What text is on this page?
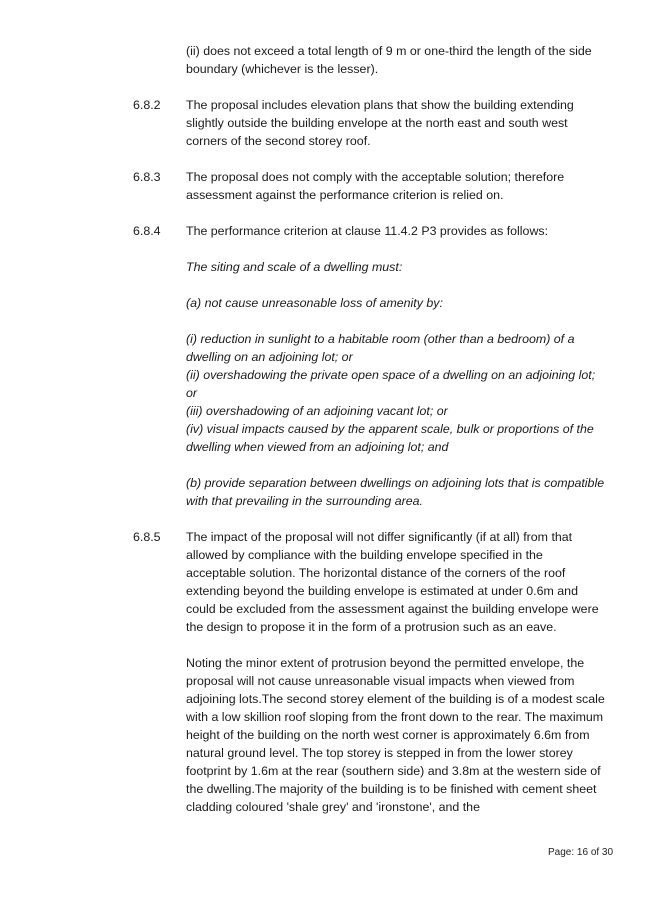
(ii) does not exceed a total length of 9 m or one-third the length of the side boundary (whichever is the lesser).

6.8.2 The proposal includes elevation plans that show the building extending slightly outside the building envelope at the north east and south west corners of the second storey roof.

6.8.3 The proposal does not comply with the acceptable solution; therefore assessment against the performance criterion is relied on.

6.8.4 The performance criterion at clause 11.4.2 P3 provides as follows:

The siting and scale of a dwelling must:

(a) not cause unreasonable loss of amenity by:

(i) reduction in sunlight to a habitable room (other than a bedroom) of a dwelling on an adjoining lot; or

(ii) overshadowing the private open space of a dwelling on an adjoining lot; or

(iii) overshadowing of an adjoining vacant lot; or

(iv) visual impacts caused by the apparent scale, bulk or proportions of the dwelling when viewed from an adjoining lot; and

(b) provide separation between dwellings on adjoining lots that is compatible with that prevailing in the surrounding area.

6.8.5 The impact of the proposal will not differ significantly (if at all) from that allowed by compliance with the building envelope specified in the acceptable solution. The horizontal distance of the corners of the roof extending beyond the building envelope is estimated at under 0.6m and could be excluded from the assessment against the building envelope were the design to propose it in the form of a protrusion such as an eave.

Noting the minor extent of protrusion beyond the permitted envelope, the proposal will not cause unreasonable visual impacts when viewed from adjoining lots.The second storey element of the building is of a modest scale with a low skillion roof sloping from the front down to the rear. The maximum height of the building on the north west corner is approximately 6.6m from natural ground level. The top storey is stepped in from the lower storey footprint by 1.6m at the rear (southern side) and 3.8m at the western side of the dwelling.The majority of the building is to be finished with cement sheet cladding coloured 'shale grey' and 'ironstone', and the

Page: 16 of 30
